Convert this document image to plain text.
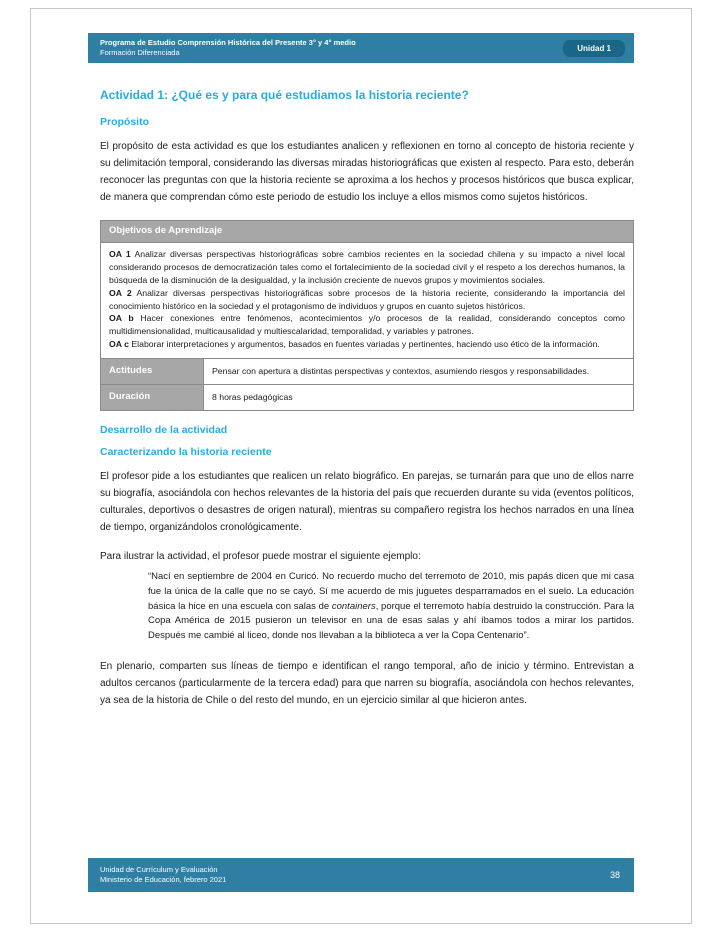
Programa de Estudio Comprensión Histórica del Presente 3° y 4° medio
Formación Diferenciada	Unidad 1
Actividad 1: ¿Qué es y para qué estudiamos la historia reciente?
Propósito

El propósito de esta actividad es que los estudiantes analicen y reflexionen en torno al concepto de historia reciente y su delimitación temporal, considerando las diversas miradas historiográficas que existen al respecto. Para esto, deberán reconocer las preguntas con que la historia reciente se aproxima a los hechos y procesos históricos que busca explicar, de manera que comprendan cómo este periodo de estudio los incluye a ellos mismos como sujetos históricos.

Objetivos de Aprendizaje	

OA 1 Analizar diversas perspectivas historiográficas sobre cambios recientes en la sociedad chilena y su impacto a nivel local considerando procesos de democratización tales como el fortalecimiento de la sociedad civil y el respeto a los derechos humanos, la búsqueda de la disminución de la desigualdad, y la inclusión creciente de nuevos grupos y movimientos sociales.

OA 2 Analizar diversas perspectivas historiográficas sobre procesos de la historia reciente, considerando la importancia del conocimiento histórico en la sociedad y el protagonismo de individuos y grupos en cuanto sujetos históricos.

OA b Hacer conexiones entre fenómenos, acontecimientos y/o procesos de la realidad, considerando conceptos como multidimensionalidad, multicausalidad y multiescalaridad, temporalidad, y variables y patrones.

OA c Elaborar interpretaciones y argumentos, basados en fuentes variadas y pertinentes, haciendo uso ético de la información.	

Actitudes	Pensar con apertura a distintas perspectivas y contextos, asumiendo riesgos y responsabilidades.
Duración	8 horas pedagógicas
Desarrollo de la actividad
Caracterizando la historia reciente

El profesor pide a los estudiantes que realicen un relato biográfico. En parejas, se turnarán para que uno de ellos narre su biografía, asociándola con hechos relevantes de la historia del país que recuerden durante su vida (eventos políticos, culturales, deportivos o desastres de origen natural), mientras su compañero registra los hechos narrados en una línea de tiempo, organizándolos cronológicamente.

Para ilustrar la actividad, el profesor puede mostrar el siguiente ejemplo:

“Nací en septiembre de 2004 en Curicó. No recuerdo mucho del terremoto de 2010, mis papás dicen que mi casa fue la única de la calle que no se cayó. Sí me acuerdo de mis juguetes desparramados en el suelo. La educación básica la hice en una escuela con salas de containers, porque el terremoto había destruido la construcción. Para la Copa América de 2015 pusieron un televisor en una de esas salas y ahí íbamos todos a mirar los partidos. Después me cambié al liceo, donde nos llevaban a la biblioteca a ver la Copa Centenario”.

En plenario, comparten sus líneas de tiempo e identifican el rango temporal, año de inicio y término. Entrevistan a adultos cercanos (particularmente de la tercera edad) para que narren su biografía, asociándola con hechos relevantes, ya sea de la historia de Chile o del resto del mundo, en un ejercicio similar al que hicieron antes.

Unidad de Currículum y Evaluación
Ministerio de Educación, febrero 2021	38
